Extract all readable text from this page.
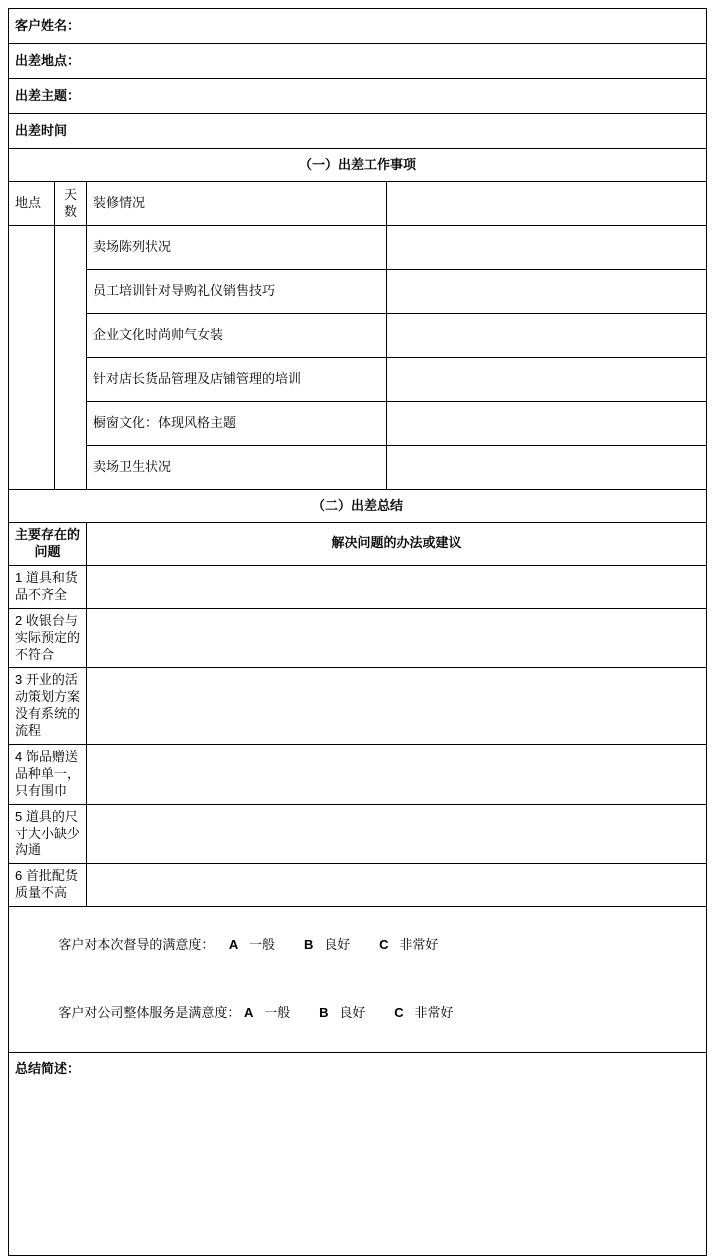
客户姓名：			
出差地点：			
出差主题：			
出差时间			
（一）出差工作事项			
地点	天数	装修情况	
		卖场陈列状况	
		员工培训针对导购礼仪销售技巧	
		企业文化时尚帅气女装	
		针对店长货品管理及店铺管理的培训	
		橱窗文化：体现风格主题	
		卖场卫生状况	
（二）出差总结			
主要存在的问题		解决问题的办法或建议	
1 道具和货品不齐全			
2 收银台与实际预定的不符合			
3 开业的活动策划方案没有系统的流程			
4 饰品赠送品种单一，只有围巾			
5 道具的尺寸大小缺少沟通			
6 首批配货质量不高			

客户对本次督导的满意度： A 一般 B 良好 C 非常好

客户对公司整体服务是满意度： A 一般 B 良好 C 非常好			

总结简述：			
